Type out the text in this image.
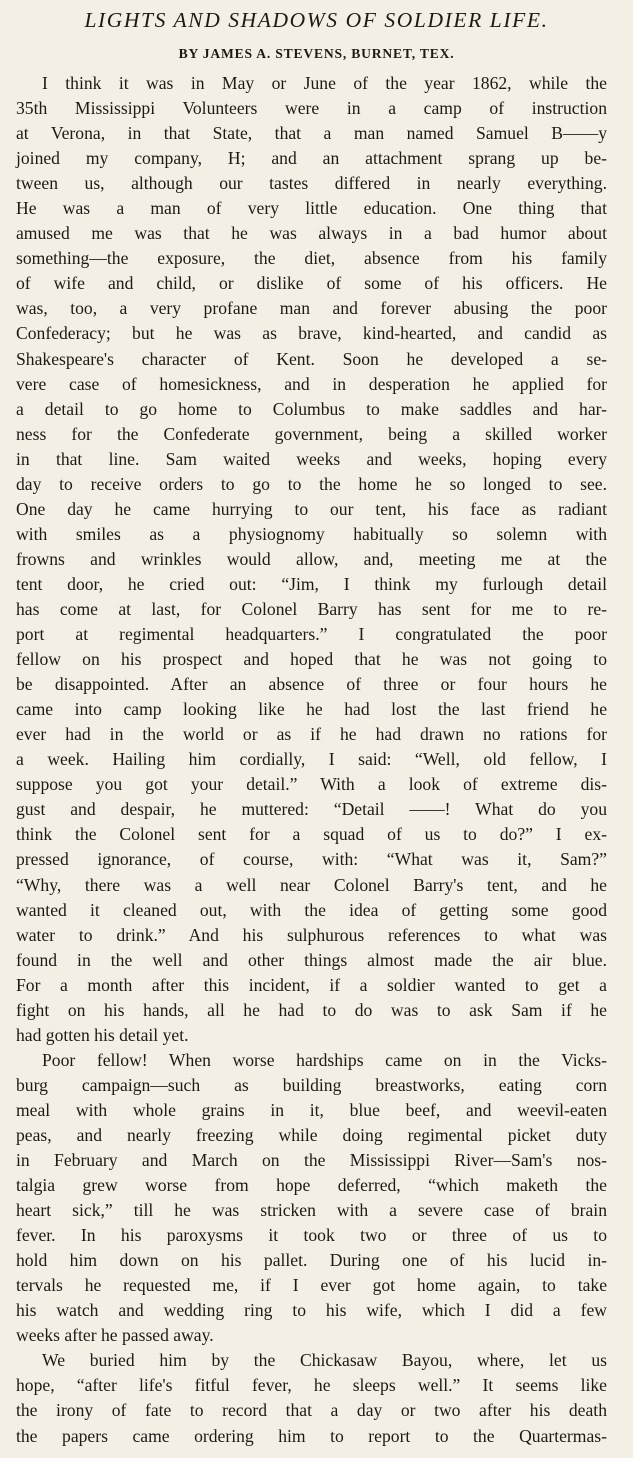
LIGHTS AND SHADOWS OF SOLDIER LIFE.
BY JAMES A. STEVENS, BURNET, TEX.
I think it was in May or June of the year 1862, while the
35th Mississippi Volunteers were in a camp of instruction
at Verona, in that State, that a man named Samuel B——y
joined my company, H; and an attachment sprang up be-
tween us, although our tastes differed in nearly everything.
He was a man of very little education. One thing that
amused me was that he was always in a bad humor about
something—the exposure, the diet, absence from his family
of wife and child, or dislike of some of his officers. He
was, too, a very profane man and forever abusing the poor
Confederacy; but he was as brave, kind-hearted, and candid as
Shakespeare's character of Kent. Soon he developed a se-
vere case of homesickness, and in desperation he applied for
a detail to go home to Columbus to make saddles and har-
ness for the Confederate government, being a skilled worker
in that line. Sam waited weeks and weeks, hoping every
day to receive orders to go to the home he so longed to see.
One day he came hurrying to our tent, his face as radiant
with smiles as a physiognomy habitually so solemn with
frowns and wrinkles would allow, and, meeting me at the
tent door, he cried out: “Jim, I think my furlough detail
has come at last, for Colonel Barry has sent for me to re-
port at regimental headquarters.” I congratulated the poor
fellow on his prospect and hoped that he was not going to
be disappointed. After an absence of three or four hours he
came into camp looking like he had lost the last friend he
ever had in the world or as if he had drawn no rations for
a week. Hailing him cordially, I said: “Well, old fellow, I
suppose you got your detail.” With a look of extreme dis-
gust and despair, he muttered: “Detail ——! What do you
think the Colonel sent for a squad of us to do?” I ex-
pressed ignorance, of course, with: “What was it, Sam?”
“Why, there was a well near Colonel Barry's tent, and he
wanted it cleaned out, with the idea of getting some good
water to drink.” And his sulphurous references to what was
found in the well and other things almost made the air blue.
For a month after this incident, if a soldier wanted to get a
fight on his hands, all he had to do was to ask Sam if he
had gotten his detail yet.
Poor fellow! When worse hardships came on in the Vicks-
burg campaign—such as building breastworks, eating corn
meal with whole grains in it, blue beef, and weevil-eaten
peas, and nearly freezing while doing regimental picket duty
in February and March on the Mississippi River—Sam's nos-
talgia grew worse from hope deferred, “which maketh the
heart sick,” till he was stricken with a severe case of brain
fever. In his paroxysms it took two or three of us to
hold him down on his pallet. During one of his lucid in-
tervals he requested me, if I ever got home again, to take
his watch and wedding ring to his wife, which I did a few
weeks after he passed away.
We buried him by the Chickasaw Bayou, where, let us
hope, “after life's fitful fever, he sleeps well.” It seems like
the irony of fate to record that a day or two after his death
the papers came ordering him to report to the Quartermas-
